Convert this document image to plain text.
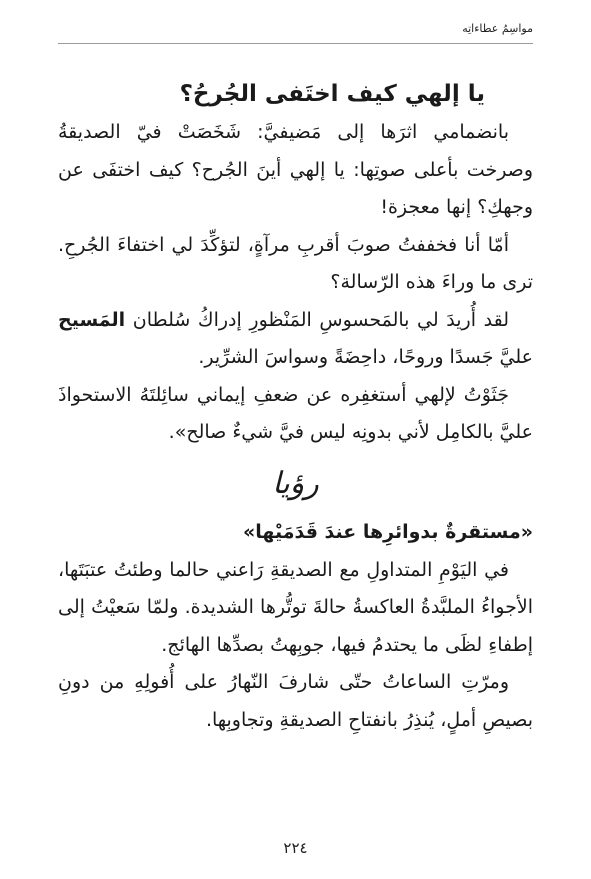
مواسِمُ عطاءاتِه
يا إلهي كيف اختَفى الجُرحُ؟

بانضمامي اثرَها إلى مَضيفيَّ: شَخَصَتْ فيّ الصديقةُ وصرخت بأعلى صوتِها: يا إلهي أينَ الجُرح؟ كيف اختفَى عن وجهكِ؟ إنها معجزة!

أمّا أنا فخففتُ صوبَ أقربِ مرآةٍ، لتؤكِّدَ لي اختفاءَ الجُرحِ. ترى ما وراءَ هذه الرّسالة؟

لقد أُريدَ لي بالمَحسوسِ المَنْظورِ إدراكُ سُلطان المَسيح عليَّ جَسدًا وروحًا، داحِضَةً وسواسَ الشرِّير.

جَثَوْتُ لإلهي أستغفِره عن ضعفِ إيماني سائِلتَهُ الاستحواذَ عليَّ بالكامِل لأني بدونِه ليس فيَّ شيءٌ صالح».

رؤيا
«مستقرةٌ بدوائرِها عندَ قَدَمَيْها»

في اليَوْمِ المتداولِ مع الصديقةِ رَاعني حالما وطئتُ عتبَتَها، الأجواءُ الملبَّدةُ العاكسةُ حالةَ توتُّرها الشديدة. ولمّا سَعيْتُ إلى إطفاءِ لظَى ما يحتدمُ فيها، جوبِهتُ بصدِّها الهائج.

ومرّتِ الساعاتُ حتّى شارفَ النّهارُ على أُفولِهِ من دونِ بصيصِ أملٍ، يُنذِرُ بانفتاحِ الصديقةِ وتجاوبِها.

٢٢٤
